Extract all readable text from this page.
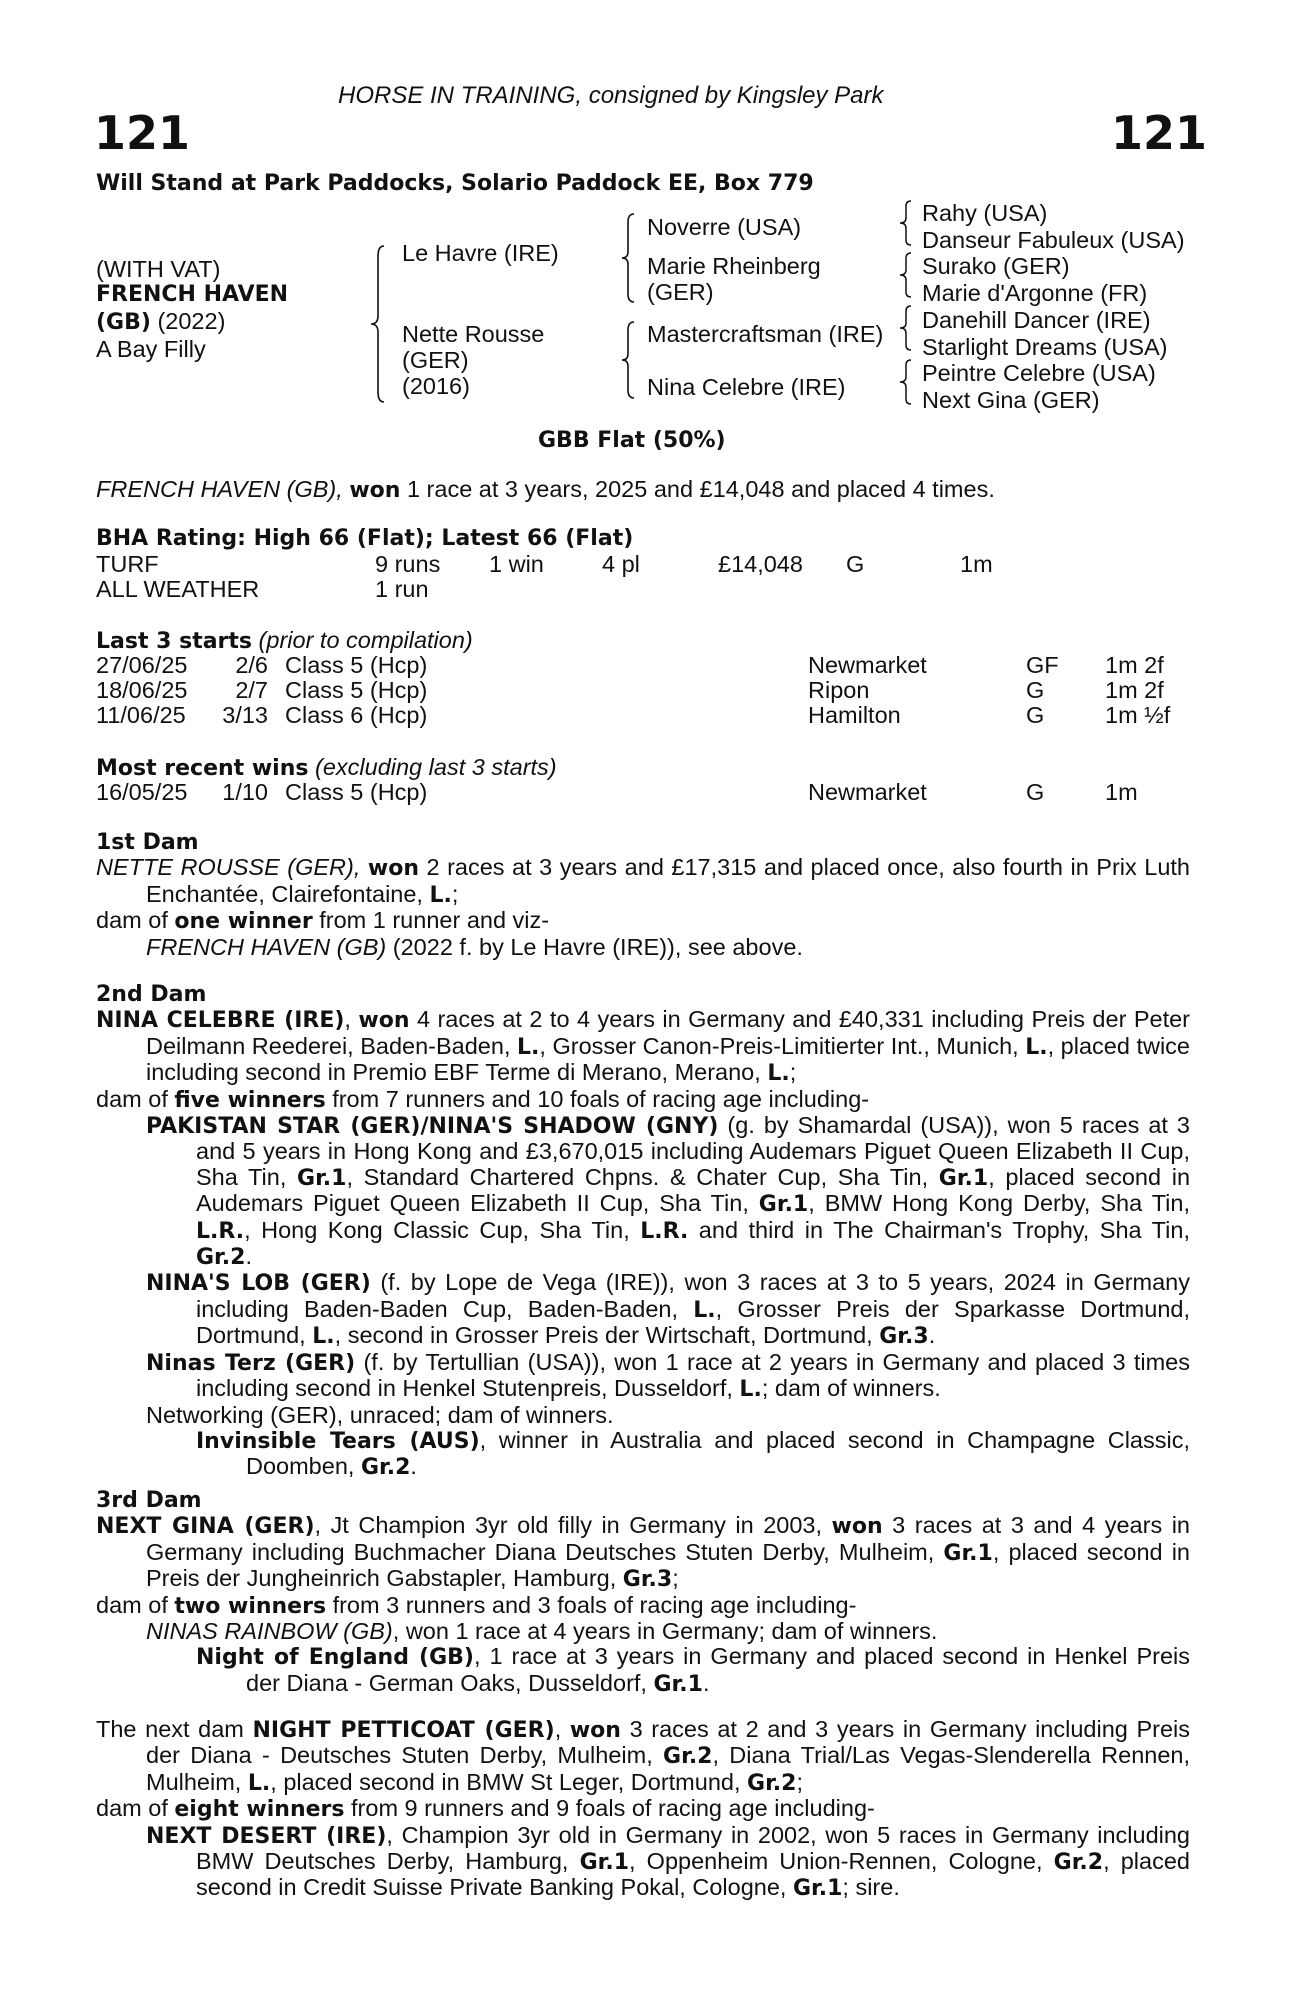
HORSE IN TRAINING, consigned by Kingsley Park
121	121
Will Stand at Park Paddocks, Solario Paddock EE, Box 779
(WITH VAT)
FRENCH HAVEN
(GB) (2022)
A Bay Filly
Le Havre (IRE)
Nette Rousse
(GER)
(2016)
Noverre (USA)
Marie Rheinberg
(GER)
Mastercraftsman (IRE)
Nina Celebre (IRE)
Rahy (USA)
Danseur Fabuleux (USA)
Surako (GER)
Marie d'Argonne (FR)
Danehill Dancer (IRE)
Starlight Dreams (USA)
Peintre Celebre (USA)
Next Gina (GER)
GBB Flat (50%)
FRENCH HAVEN (GB), won 1 race at 3 years, 2025 and £14,048 and placed 4 times.
BHA Rating: High 66 (Flat); Latest 66 (Flat)
TURF	9 runs 1 win 4 pl	£14,048 G	1m
ALL WEATHER	1 run
Last 3 starts (prior to compilation)
27/06/25	2/6 Class 5 (Hcp)	Newmarket	GF 1m 2f
18/06/25	2/7 Class 5 (Hcp)	Ripon	G	1m 2f
11/06/25	3/13 Class 6 (Hcp)	Hamilton	G	1m ½f
Most recent wins (excluding last 3 starts)
16/05/25	1/10 Class 5 (Hcp)	Newmarket	G	1m
1st Dam

NETTE ROUSSE (GER), won 2 races at 3 years and £17,315 and placed once, also fourth in Prix Luth Enchantée, Clairefontaine, L.;

dam of one winner from 1 runner and viz-

FRENCH HAVEN (GB) (2022 f. by Le Havre (IRE)), see above.

2nd Dam

NINA CELEBRE (IRE), won 4 races at 2 to 4 years in Germany and £40,331 including Preis der Peter Deilmann Reederei, Baden-Baden, L., Grosser Canon-Preis-Limitierter Int., Munich, L., placed twice including second in Premio EBF Terme di Merano, Merano, L.;

dam of five winners from 7 runners and 10 foals of racing age including-

PAKISTAN STAR (GER)/NINA'S SHADOW (GNY) (g. by Shamardal (USA)), won 5 races at 3 and 5 years in Hong Kong and £3,670,015 including Audemars Piguet Queen Elizabeth II Cup, Sha Tin, Gr.1, Standard Chartered Chpns. & Chater Cup, Sha Tin, Gr.1, placed second in Audemars Piguet Queen Elizabeth II Cup, Sha Tin, Gr.1, BMW Hong Kong Derby, Sha Tin, L.R., Hong Kong Classic Cup, Sha Tin, L.R. and third in The Chairman's Trophy, Sha Tin, Gr.2.

NINA'S LOB (GER) (f. by Lope de Vega (IRE)), won 3 races at 3 to 5 years, 2024 in Germany including Baden-Baden Cup, Baden-Baden, L., Grosser Preis der Sparkasse Dortmund, Dortmund, L., second in Grosser Preis der Wirtschaft, Dortmund, Gr.3.

Ninas Terz (GER) (f. by Tertullian (USA)), won 1 race at 2 years in Germany and placed 3 times including second in Henkel Stutenpreis, Dusseldorf, L.; dam of winners.

Networking (GER), unraced; dam of winners.

Invinsible Tears (AUS), winner in Australia and placed second in Champagne Classic, Doomben, Gr.2.

3rd Dam

NEXT GINA (GER), Jt Champion 3yr old filly in Germany in 2003, won 3 races at 3 and 4 years in Germany including Buchmacher Diana Deutsches Stuten Derby, Mulheim, Gr.1, placed second in Preis der Jungheinrich Gabstapler, Hamburg, Gr.3;

dam of two winners from 3 runners and 3 foals of racing age including-

NINAS RAINBOW (GB), won 1 race at 4 years in Germany; dam of winners.

Night of England (GB), 1 race at 3 years in Germany and placed second in Henkel Preis der Diana - German Oaks, Dusseldorf, Gr.1.

The next dam NIGHT PETTICOAT (GER), won 3 races at 2 and 3 years in Germany including Preis der Diana - Deutsches Stuten Derby, Mulheim, Gr.2, Diana Trial/Las Vegas-Slenderella Rennen, Mulheim, L., placed second in BMW St Leger, Dortmund, Gr.2;

dam of eight winners from 9 runners and 9 foals of racing age including-

NEXT DESERT (IRE), Champion 3yr old in Germany in 2002, won 5 races in Germany including BMW Deutsches Derby, Hamburg, Gr.1, Oppenheim Union-Rennen, Cologne, Gr.2, placed second in Credit Suisse Private Banking Pokal, Cologne, Gr.1; sire.
